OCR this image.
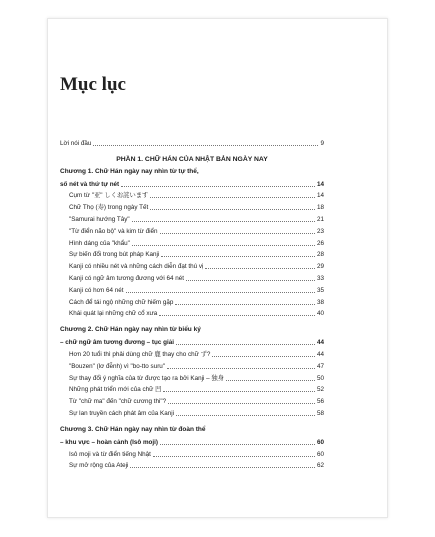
Mục lục
Lời nói đầu	9
PHẦN 1. CHỮ HÁN CỦA NHẬT BẢN NGÀY NAY
Chương 1. Chữ Hán ngày nay nhìn từ tự thể,
số nét và thứ tự nét	14
Cụm từ "亚" しくお詫います	14
Chữ Thọ (寿) trong ngày Tết	18
"Samurai hướng Tây"	21
"Từ điển não bộ" và kim từ điển	23
Hình dáng của "khẩu"	26
Sự biến đổi trong bút pháp Kanji	28
Kanji có nhiều nét và những cách diễn đạt thú vị	29
Kanji có ngữ âm tương đương với 64 nét	33
Kanji có hơn 64 nét	35
Cách để tái ngộ những chữ hiếm gặp	38
Khái quát lại những chữ cổ xưa	40
Chương 2. Chữ Hán ngày nay nhìn từ biểu ký
– chữ ngữ âm tương đương – tục giải	44
Hơn 20 tuổi thì phải dùng chữ 鹿 thay cho chữ ず?	44
"Bouzen" (lơ đễnh) vì "bo-tto suru"	47
Sự thay đổi ý nghĩa của từ được tạo ra bởi Kanji – 独身	50
Những phát triển mới của chữ 凹	52
Từ "chữ ma" đến "chữ cương thi"?	56
Sự lan truyền cách phát âm của Kanji	58
Chương 3. Chữ Hán ngày nay nhìn từ đoàn thể
– khu vực – hoàn cảnh (Isô moji)	60
Isô moji và từ điển tiếng Nhật	60
Sự mở rộng của Ateji	62
